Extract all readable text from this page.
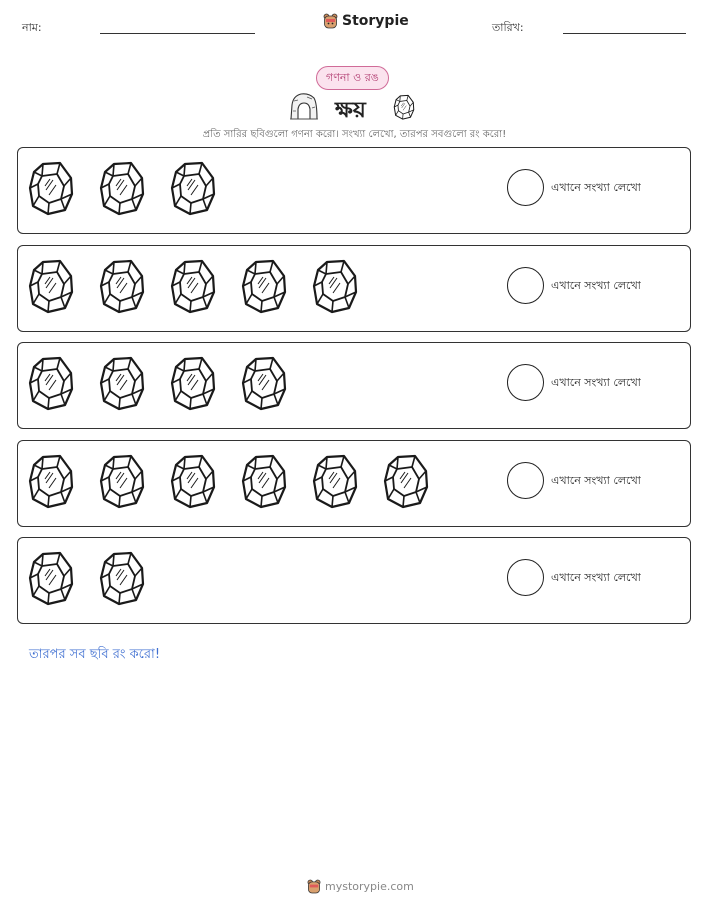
নাম:	Storypie	তারিখ:
গণনা ও রঙ
ক্ষয়
প্রতি সারির ছবিগুলো গণনা করো। সংখ্যা লেখো, তারপর সবগুলো রং করো!
এখানে সংখ্যা লেখো
এখানে সংখ্যা লেখো
এখানে সংখ্যা লেখো
এখানে সংখ্যা লেখো
এখানে সংখ্যা লেখো
তারপর সব ছবি রং করো!
mystorypie.com
